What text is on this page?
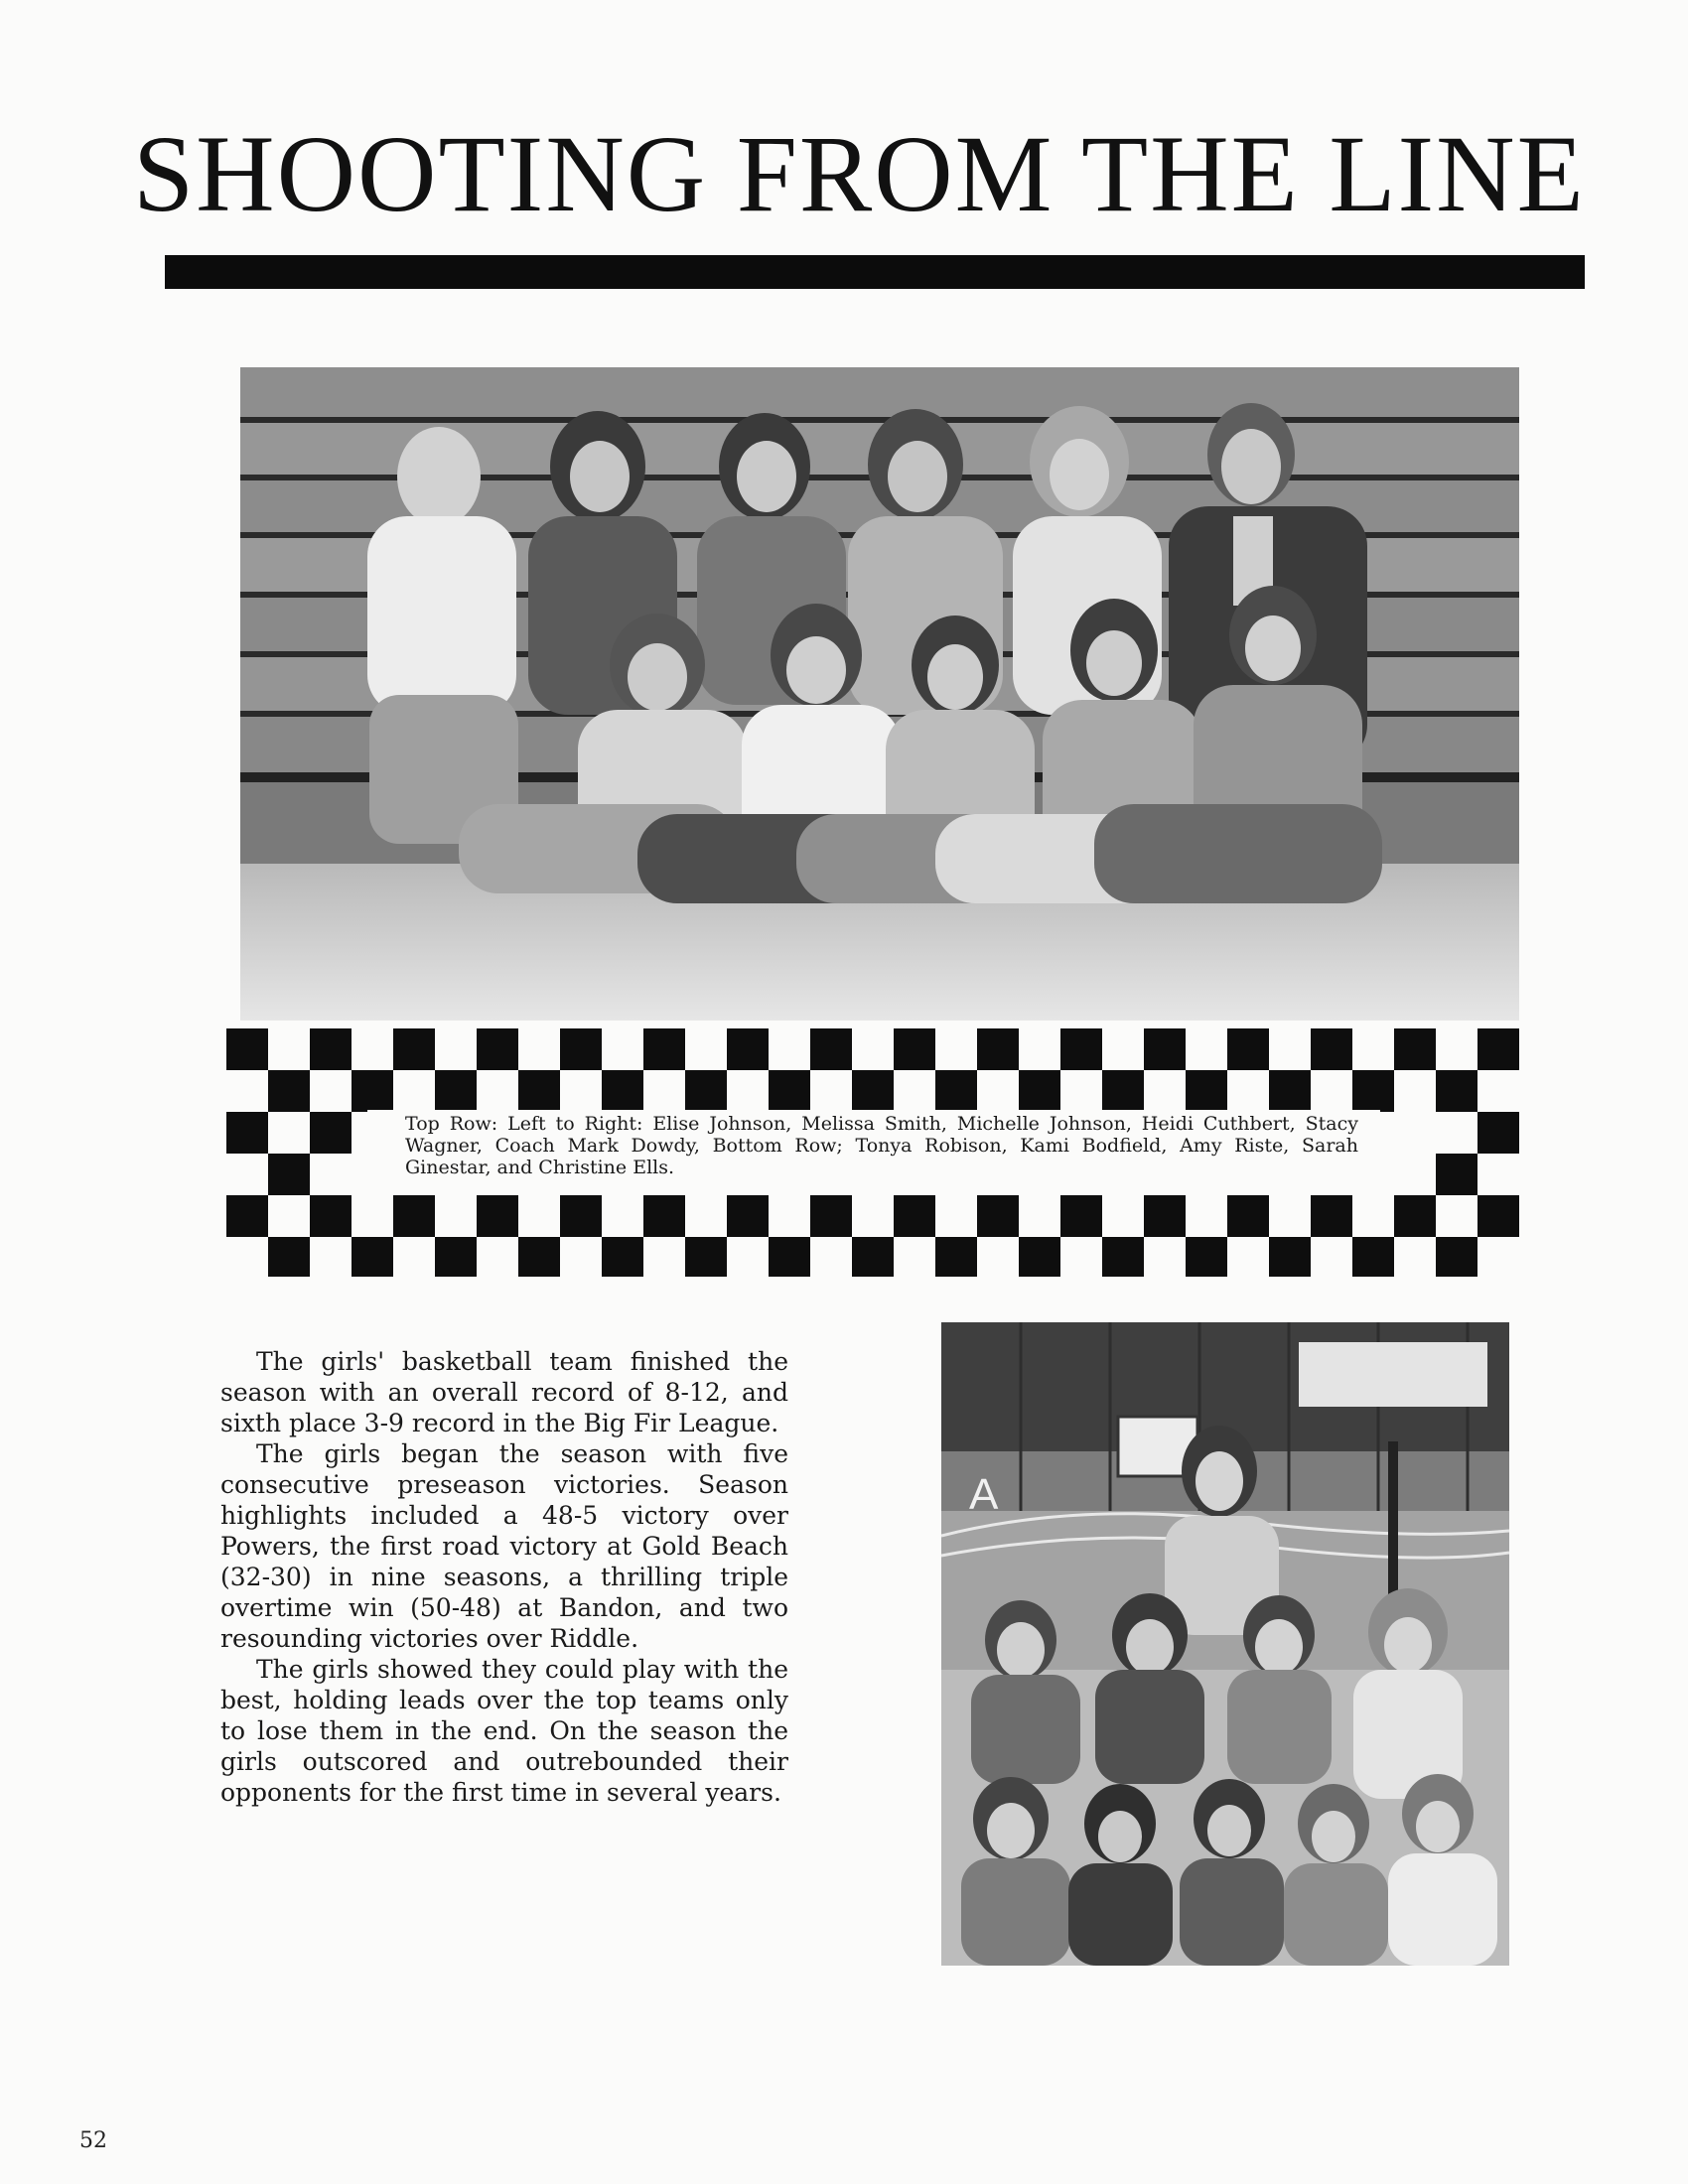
SHOOTING FROM THE LINE
Top Row: Left to Right: Elise Johnson, Melissa Smith, Michelle Johnson, Heidi Cuthbert, Stacy Wagner, Coach Mark Dowdy, Bottom Row; Tonya Robison, Kami Bodfield, Amy Riste, Sarah Ginestar, and Christine Ells.

The girls' basketball team finished the season with an overall record of 8-12, and sixth place 3-9 record in the Big Fir League.

The girls began the season with five consecutive preseason victories. Season highlights included a 48-5 victory over Powers, the first road victory at Gold Beach (32-30) in nine seasons, a thrilling triple overtime win (50-48) at Bandon, and two resounding victories over Riddle.

The girls showed they could play with the best, holding leads over the top teams only to lose them in the end. On the season the girls outscored and outrebounded their opponents for the first time in several years.

A
52
